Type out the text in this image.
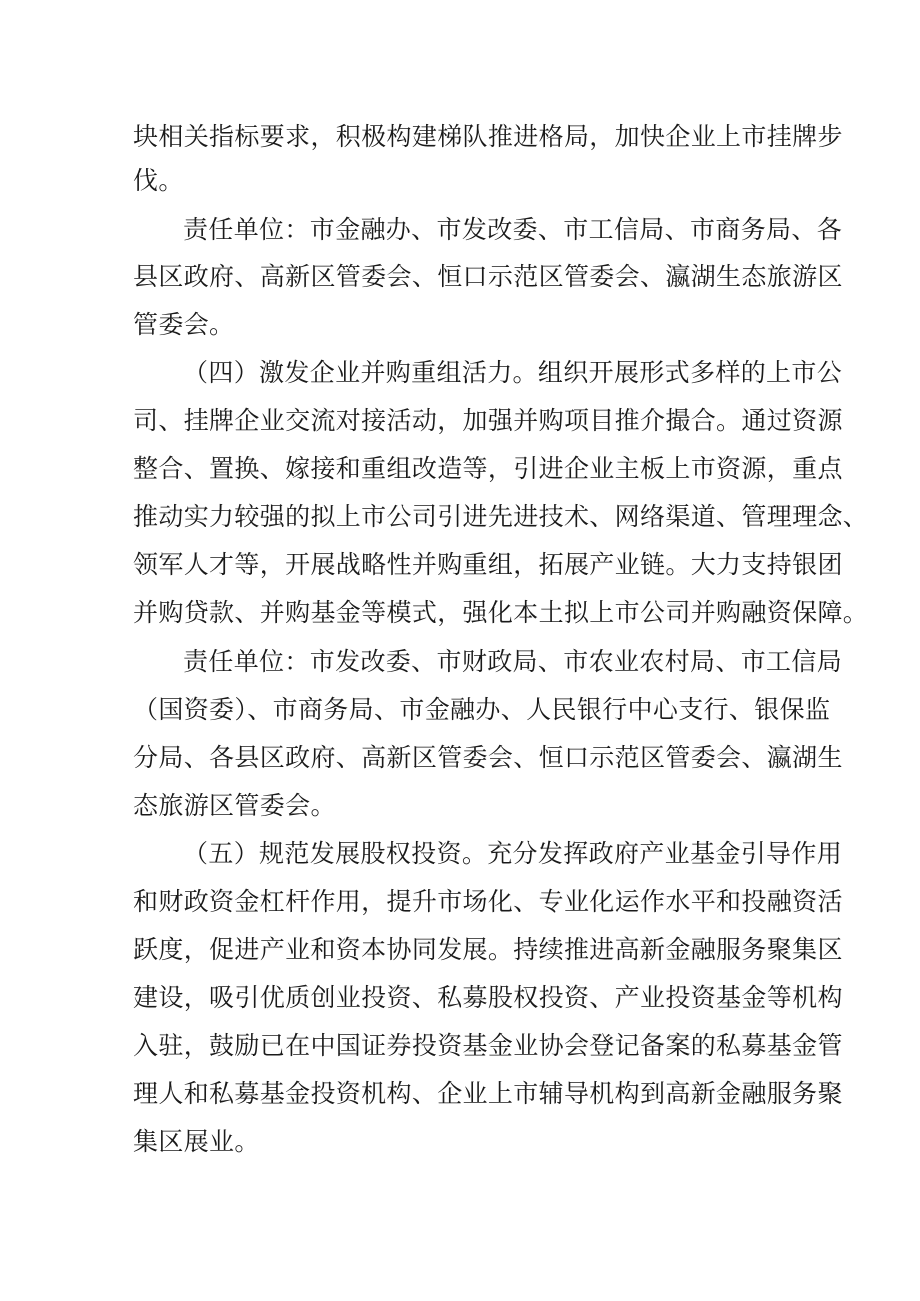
块相关指标要求，积极构建梯队推进格局，加快企业上市挂牌步
伐。
责任单位：市金融办、市发改委、市工信局、市商务局、各
县区政府、高新区管委会、恒口示范区管委会、瀛湖生态旅游区
管委会。
（四）激发企业并购重组活力。组织开展形式多样的上市公
司、挂牌企业交流对接活动，加强并购项目推介撮合。通过资源
整合、置换、嫁接和重组改造等，引进企业主板上市资源，重点
推动实力较强的拟上市公司引进先进技术、网络渠道、管理理念、
领军人才等，开展战略性并购重组，拓展产业链。大力支持银团
并购贷款、并购基金等模式，强化本土拟上市公司并购融资保障。
责任单位：市发改委、市财政局、市农业农村局、市工信局
（国资委）、市商务局、市金融办、人民银行中心支行、银保监
分局、各县区政府、高新区管委会、恒口示范区管委会、瀛湖生
态旅游区管委会。
（五）规范发展股权投资。充分发挥政府产业基金引导作用
和财政资金杠杆作用，提升市场化、专业化运作水平和投融资活
跃度，促进产业和资本协同发展。持续推进高新金融服务聚集区
建设，吸引优质创业投资、私募股权投资、产业投资基金等机构
入驻，鼓励已在中国证券投资基金业协会登记备案的私募基金管
理人和私募基金投资机构、企业上市辅导机构到高新金融服务聚
集区展业。
